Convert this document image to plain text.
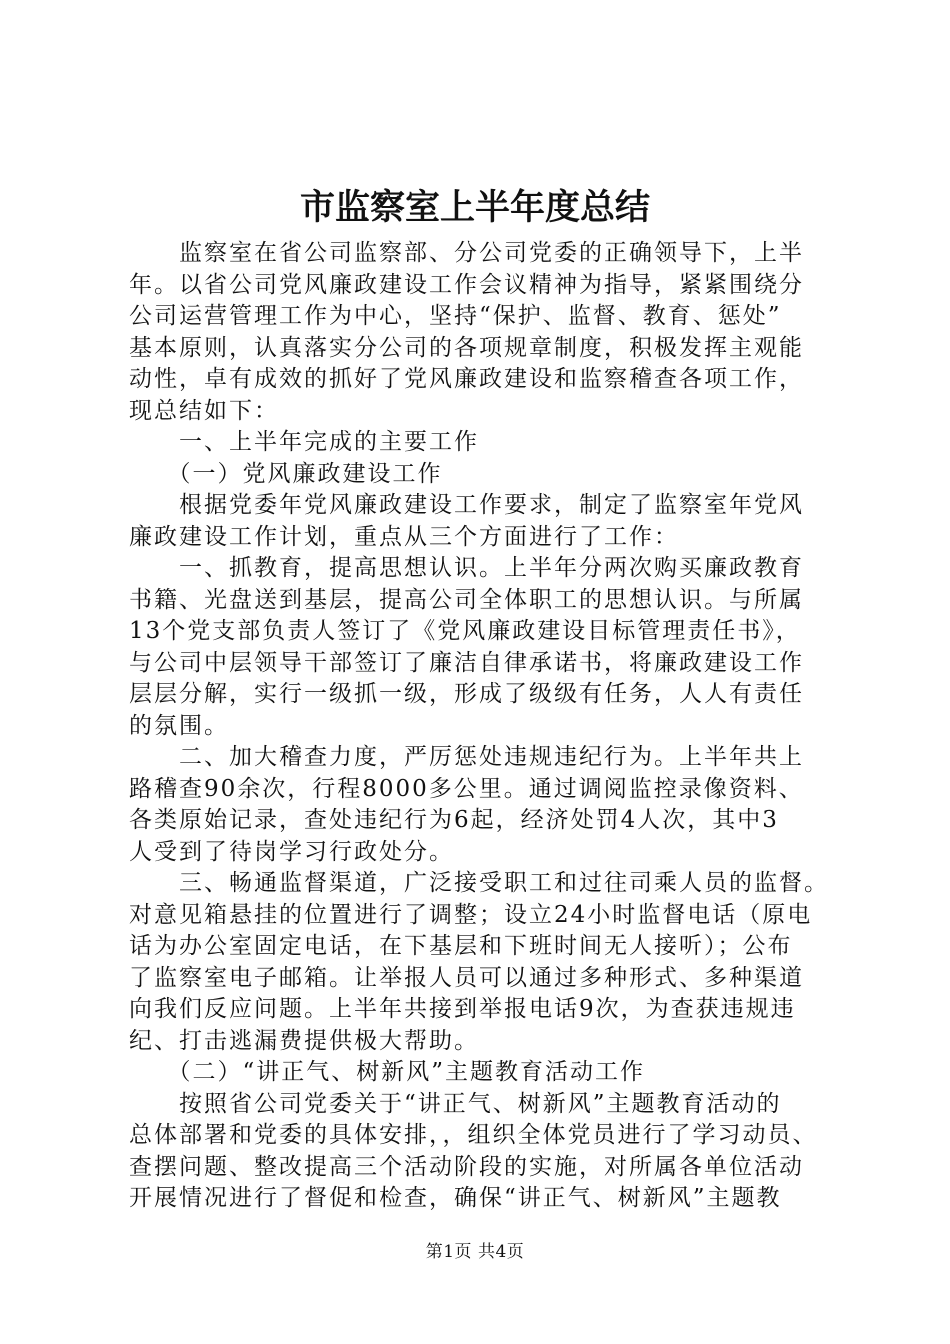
市监察室上半年度总结
　　监察室在省公司监察部、分公司党委的正确领导下，上半
年。以省公司党风廉政建设工作会议精神为指导，紧紧围绕分
公司运营管理工作为中心，坚持“保护、监督、教育、惩处”
基本原则，认真落实分公司的各项规章制度，积极发挥主观能
动性，卓有成效的抓好了党风廉政建设和监察稽查各项工作，
现总结如下：
　　一、上半年完成的主要工作
　　（一）党风廉政建设工作
　　根据党委年党风廉政建设工作要求，制定了监察室年党风
廉政建设工作计划，重点从三个方面进行了工作：
　　一、抓教育，提高思想认识。上半年分两次购买廉政教育
书籍、光盘送到基层，提高公司全体职工的思想认识。与所属
13个党支部负责人签订了《党风廉政建设目标管理责任书》，
与公司中层领导干部签订了廉洁自律承诺书，将廉政建设工作
层层分解，实行一级抓一级，形成了级级有任务，人人有责任
的氛围。
　　二、加大稽查力度，严厉惩处违规违纪行为。上半年共上
路稽查90余次，行程8000多公里。通过调阅监控录像资料、
各类原始记录，查处违纪行为6起，经济处罚4人次，其中3
人受到了待岗学习行政处分。
　　三、畅通监督渠道，广泛接受职工和过往司乘人员的监督。
对意见箱悬挂的位置进行了调整；设立24小时监督电话（原电
话为办公室固定电话，在下基层和下班时间无人接听）；公布
了监察室电子邮箱。让举报人员可以通过多种形式、多种渠道
向我们反应问题。上半年共接到举报电话9次，为查获违规违
纪、打击逃漏费提供极大帮助。
　　（二）“讲正气、树新风”主题教育活动工作
　　按照省公司党委关于“讲正气、树新风”主题教育活动的
总体部署和党委的具体安排，，组织全体党员进行了学习动员、
查摆问题、整改提高三个活动阶段的实施，对所属各单位活动
开展情况进行了督促和检查，确保“讲正气、树新风”主题教
第1页 共4页
